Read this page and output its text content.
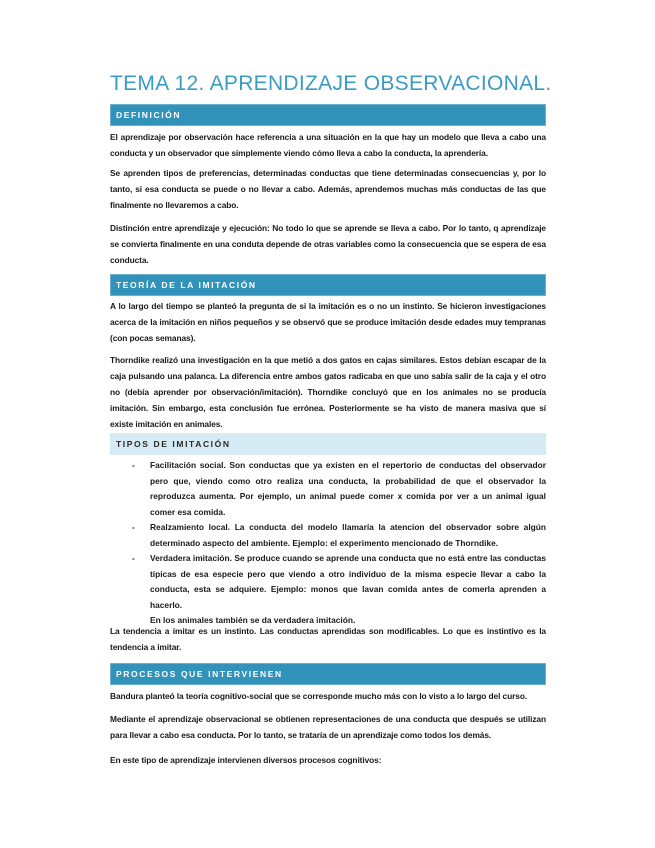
TEMA 12. APRENDIZAJE OBSERVACIONAL.
DEFINICIÓN
El aprendizaje por observación hace referencia a una situación en la que hay un modelo que lleva a cabo una conducta y un observador que simplemente viendo cómo lleva a cabo la conducta, la aprendería.
Se aprenden tipos de preferencias, determinadas conductas que tiene determinadas consecuencias y, por lo tanto, si esa conducta se puede o no llevar a cabo. Además, aprendemos muchas más conductas de las que finalmente no llevaremos a cabo.
Distinción entre aprendizaje y ejecución: No todo lo que se aprende se lleva a cabo. Por lo tanto, q aprendizaje se convierta finalmente en una conduta depende de otras variables como la consecuencia que se espera de esa conducta.
TEORÍA DE LA IMITACIÓN
A lo largo del tiempo se planteó la pregunta de si la imitación es o no un instinto. Se hicieron investigaciones acerca de la imitación en niños pequeños y se observó que se produce imitación desde edades muy tempranas (con pocas semanas).
Thorndike realizó una investigación en la que metió a dos gatos en cajas similares. Estos debían escapar de la caja pulsando una palanca. La diferencia entre ambos gatos radicaba en que uno sabía salir de la caja y el otro no (debía aprender por observación/imitación). Thorndike concluyó que en los animales no se producía imitación. Sin embargo, esta conclusión fue errónea. Posteriormente se ha visto de manera masiva que sí existe imitación en animales.
TIPOS DE IMITACIÓN
- Facilitación social. Son conductas que ya existen en el repertorio de conductas del observador pero que, viendo como otro realiza una conducta, la probabilidad de que el observador la reproduzca aumenta. Por ejemplo, un animal puede comer x comida por ver a un animal igual comer esa comida.
- Realzamiento local. La conducta del modelo llamaría la atencion del observador sobre algún determinado aspecto del ambiente. Ejemplo: el experimento mencionado de Thorndike.
- Verdadera imitación. Se produce cuando se aprende una conducta que no está entre las conductas típicas de esa especie pero que viendo a otro individuo de la misma especie llevar a cabo la conducta, esta se adquiere. Ejemplo: monos que lavan comida antes de comerla aprenden a hacerlo.
En los animales también se da verdadera imitación.
La tendencia a imitar es un instinto. Las conductas aprendidas son modificables. Lo que es instintivo es la tendencia a imitar.
PROCESOS QUE INTERVIENEN
Bandura planteó la teoría cognitivo-social que se corresponde mucho más con lo visto a lo largo del curso.
Mediante el aprendizaje observacional se obtienen representaciones de una conducta que después se utilizan para llevar a cabo esa conducta. Por lo tanto, se trataría de un aprendizaje como todos los demás.
En este tipo de aprendizaje intervienen diversos procesos cognitivos:
